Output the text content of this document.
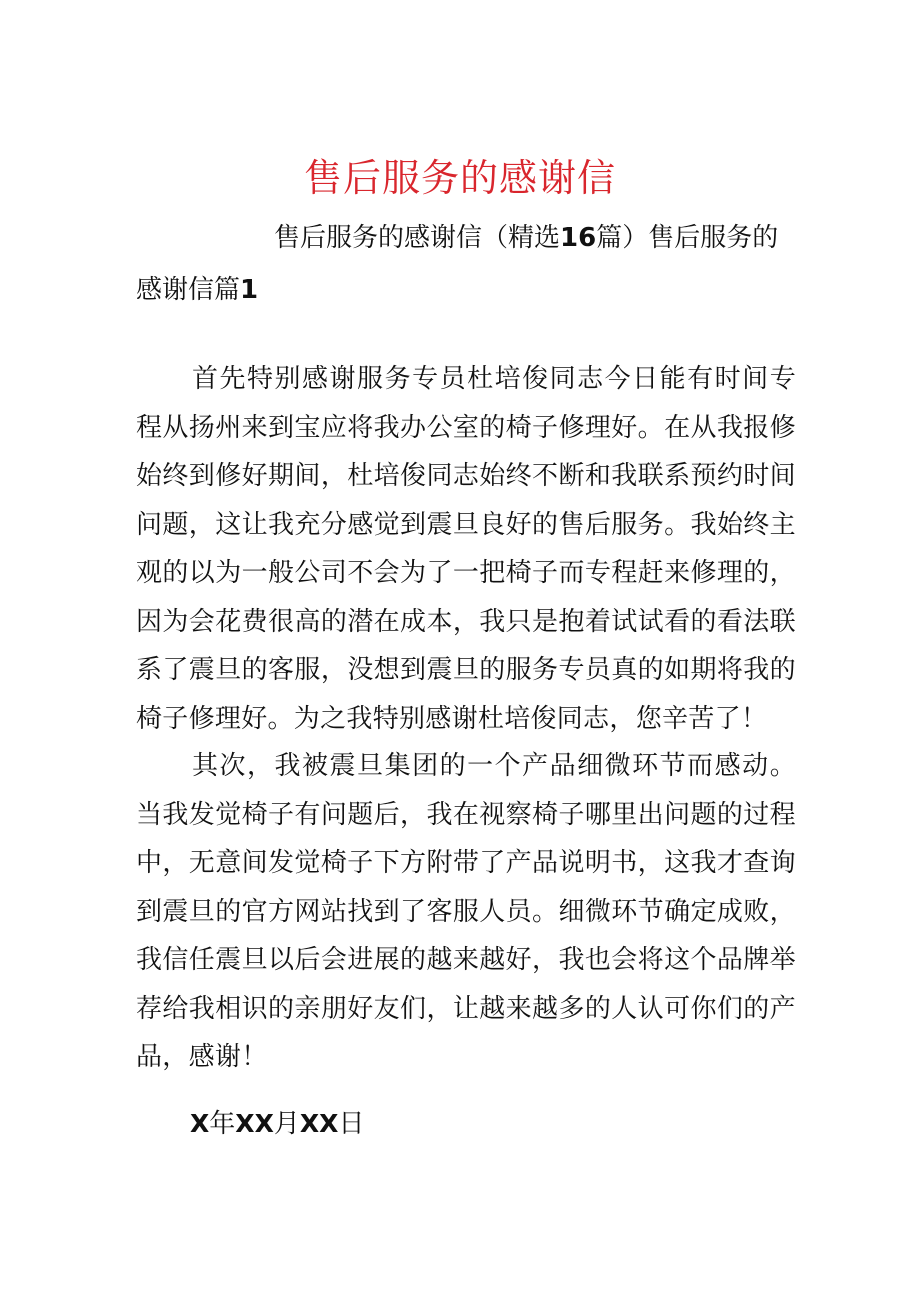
售后服务的感谢信
售后服务的感谢信（精选16篇）售后服务的感谢信篇1

首先特别感谢服务专员杜培俊同志今日能有时间专程从扬州来到宝应将我办公室的椅子修理好。在从我报修始终到修好期间，杜培俊同志始终不断和我联系预约时间问题，这让我充分感觉到震旦良好的售后服务。我始终主观的以为一般公司不会为了一把椅子而专程赶来修理的，因为会花费很高的潜在成本，我只是抱着试试看的看法联系了震旦的客服，没想到震旦的服务专员真的如期将我的椅子修理好。为之我特别感谢杜培俊同志，您辛苦了！

其次，我被震旦集团的一个产品细微环节而感动。当我发觉椅子有问题后，我在视察椅子哪里出问题的过程中，无意间发觉椅子下方附带了产品说明书，这我才查询到震旦的官方网站找到了客服人员。细微环节确定成败，我信任震旦以后会进展的越来越好，我也会将这个品牌举荐给我相识的亲朋好友们，让越来越多的人认可你们的产品，感谢！

X年XX月XX日
